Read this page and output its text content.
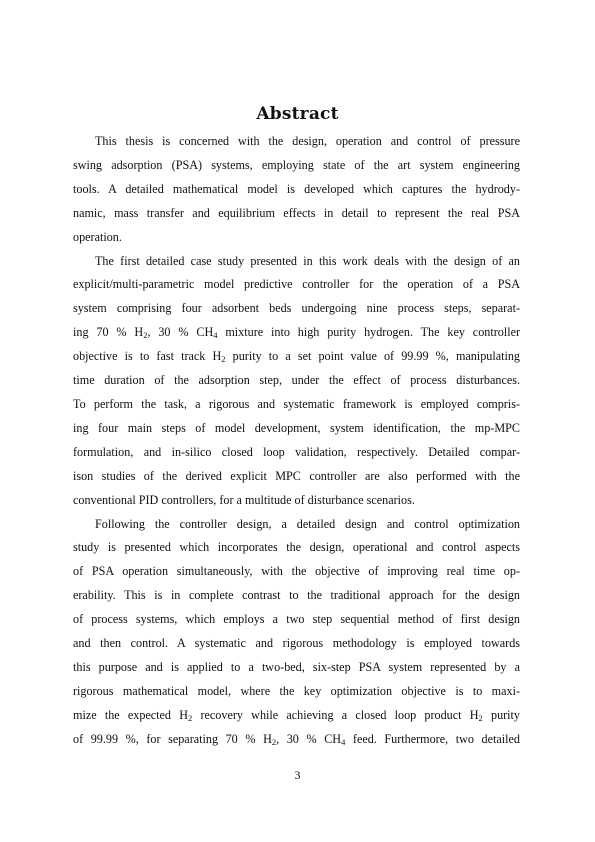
Abstract
This thesis is concerned with the design, operation and control of pressure
swing adsorption (PSA) systems, employing state of the art system engineering
tools. A detailed mathematical model is developed which captures the hydrody-
namic, mass transfer and equilibrium effects in detail to represent the real PSA
operation.
The first detailed case study presented in this work deals with the design of an
explicit/multi-parametric model predictive controller for the operation of a PSA
system comprising four adsorbent beds undergoing nine process steps, separat-
ing 70 % $H_2$, 30 % $CH_4$ mixture into high purity hydrogen. The key controller
objective is to fast track $H_2$ purity to a set point value of 99.99 %, manipulating
time duration of the adsorption step, under the effect of process disturbances.
To perform the task, a rigorous and systematic framework is employed compris-
ing four main steps of model development, system identification, the mp-MPC
formulation, and in-silico closed loop validation, respectively. Detailed compar-
ison studies of the derived explicit MPC controller are also performed with the
conventional PID controllers, for a multitude of disturbance scenarios.
Following the controller design, a detailed design and control optimization
study is presented which incorporates the design, operational and control aspects
of PSA operation simultaneously, with the objective of improving real time op-
erability. This is in complete contrast to the traditional approach for the design
of process systems, which employs a two step sequential method of first design
and then control. A systematic and rigorous methodology is employed towards
this purpose and is applied to a two-bed, six-step PSA system represented by a
rigorous mathematical model, where the key optimization objective is to maxi-
mize the expected $H_2$ recovery while achieving a closed loop product $H_2$ purity
of 99.99 %, for separating 70 % $H_2$, 30 % $CH_4$ feed. Furthermore, two detailed
3
